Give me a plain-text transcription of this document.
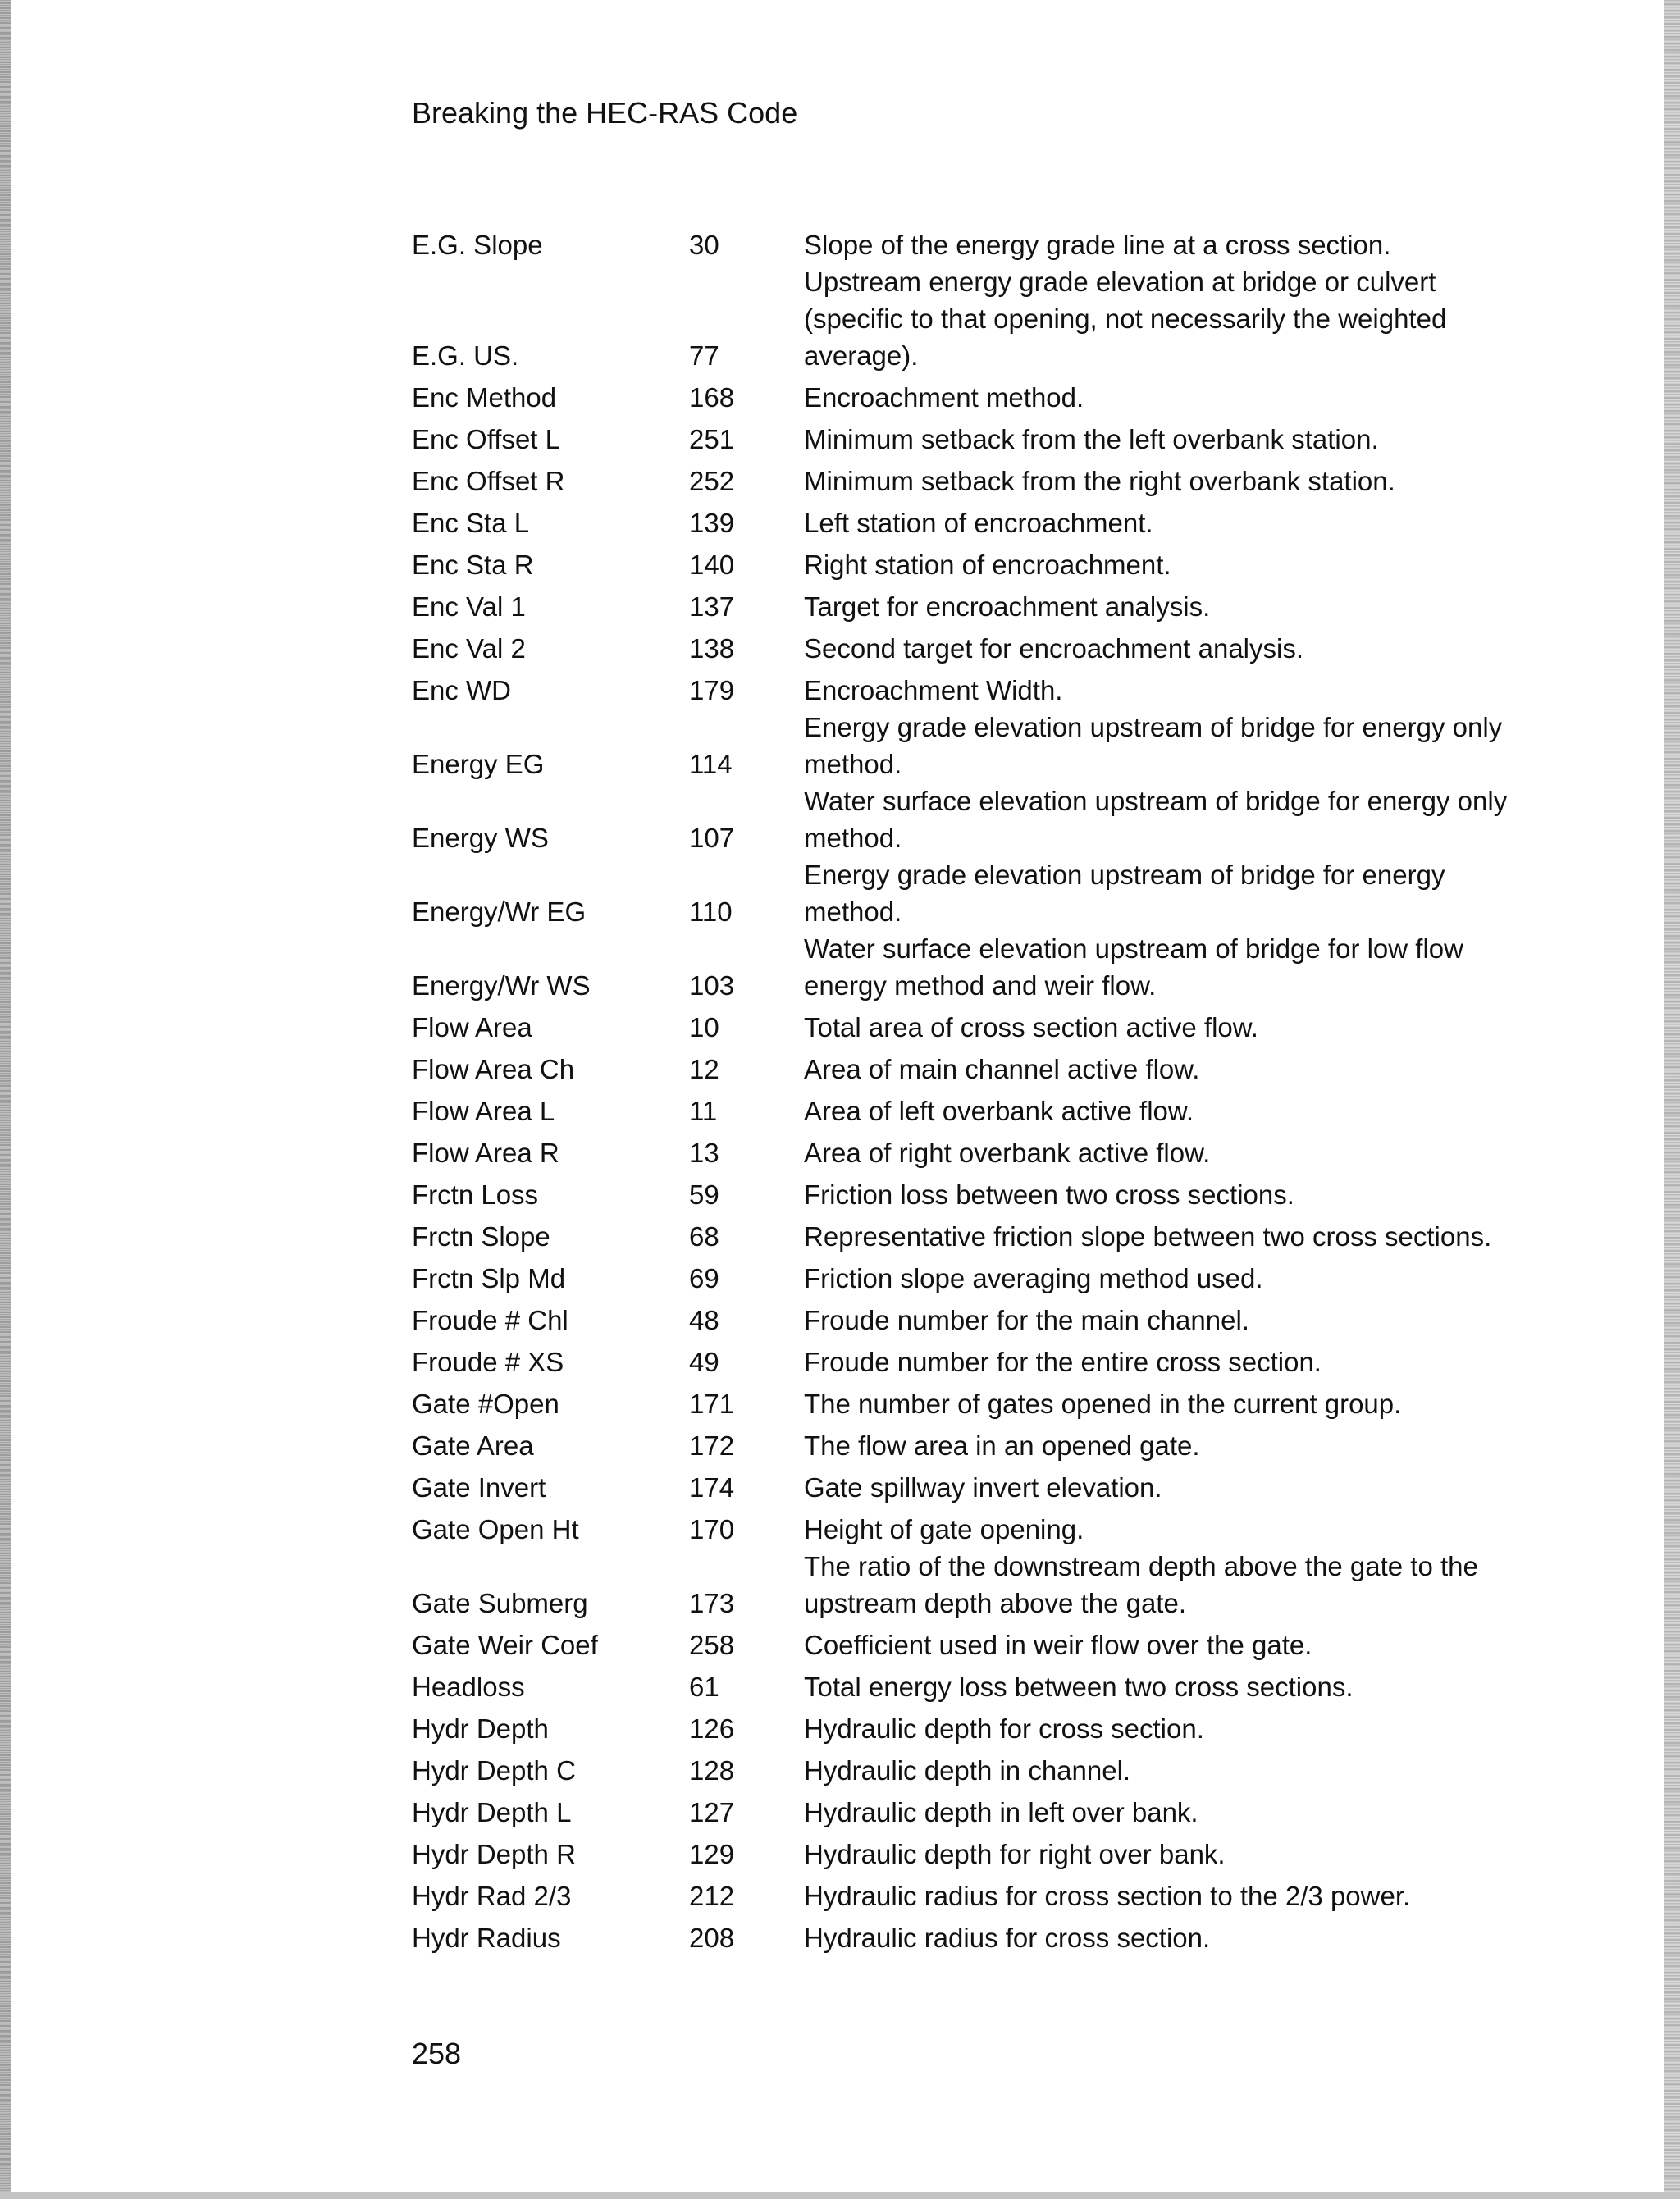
Breaking the HEC-RAS Code
E.G. Slope	30	Slope of the energy grade line at a cross section.
E.G. US.	77	Upstream energy grade elevation at bridge or culvert (specific to that opening, not necessarily the weighted average).
Enc Method	168	Encroachment method.
Enc Offset L	251	Minimum setback from the left overbank station.
Enc Offset R	252	Minimum setback from the right overbank station.
Enc Sta L	139	Left station of encroachment.
Enc Sta R	140	Right station of encroachment.
Enc Val 1	137	Target for encroachment analysis.
Enc Val 2	138	Second target for encroachment analysis.
Enc WD	179	Encroachment Width.
Energy EG	114	Energy grade elevation upstream of bridge for energy only method.
Energy WS	107	Water surface elevation upstream of bridge for energy only method.
Energy/Wr EG	110	Energy grade elevation upstream of bridge for energy method.
Energy/Wr WS	103	Water surface elevation upstream of bridge for low flow energy method and weir flow.
Flow Area	10	Total area of cross section active flow.
Flow Area Ch	12	Area of main channel active flow.
Flow Area L	11	Area of left overbank active flow.
Flow Area R	13	Area of right overbank active flow.
Frctn Loss	59	Friction loss between two cross sections.
Frctn Slope	68	Representative friction slope between two cross sections.
Frctn Slp Md	69	Friction slope averaging method used.
Froude # Chl	48	Froude number for the main channel.
Froude # XS	49	Froude number for the entire cross section.
Gate #Open	171	The number of gates opened in the current group.
Gate Area	172	The flow area in an opened gate.
Gate Invert	174	Gate spillway invert elevation.
Gate Open Ht	170	Height of gate opening.
Gate Submerg	173	The ratio of the downstream depth above the gate to the upstream depth above the gate.
Gate Weir Coef	258	Coefficient used in weir flow over the gate.
Headloss	61	Total energy loss between two cross sections.
Hydr Depth	126	Hydraulic depth for cross section.
Hydr Depth C	128	Hydraulic depth in channel.
Hydr Depth L	127	Hydraulic depth in left over bank.
Hydr Depth R	129	Hydraulic depth for right over bank.
Hydr Rad 2/3	212	Hydraulic radius for cross section to the 2/3 power.
Hydr Radius	208	Hydraulic radius for cross section.
258
